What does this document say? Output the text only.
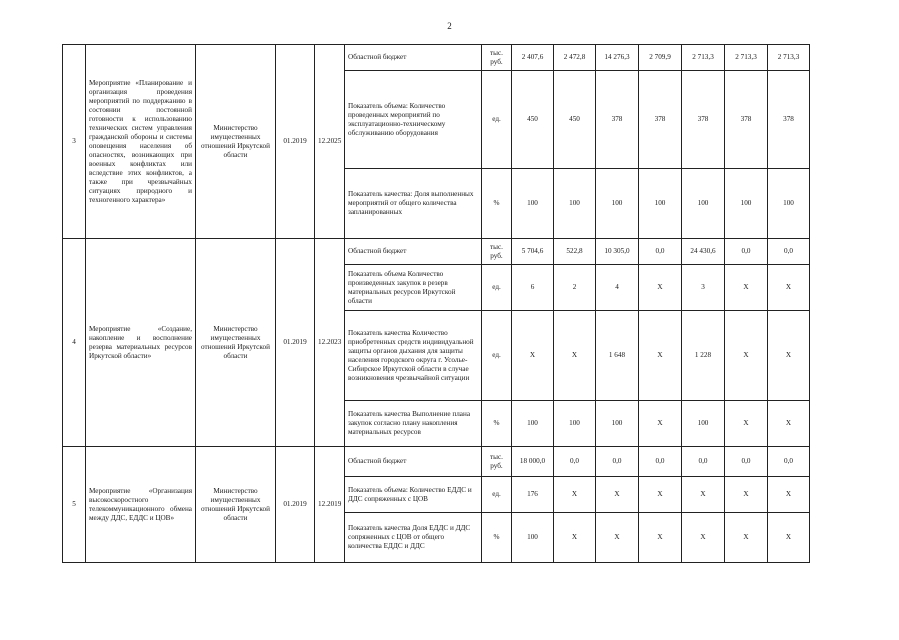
2
3	Мероприятие «Планирование и организация проведения мероприятий по поддержанию в состоянии постоянной готовности к использованию технических систем управления гражданской обороны и системы оповещения населения об опасностях, возникающих при военных конфликтах или вследствие этих конфликтов, а также при чрезвычайных ситуациях природного и техногенного характера»	Министерство имущественных отношений Иркутской области	01.2019	12.2025	Областной бюджет	тыс. руб.	2 407,6	2 472,8	14 276,3	2 709,9	2 713,3	2 713,3	2 713,3
					Показатель объема: Количество проведенных мероприятий по эксплуатационно-техническому обслуживанию оборудования	ед.	450	450	378	378	378	378	378
					Показатель качества: Доля выполненных мероприятий от общего количества запланированных	%	100	100	100	100	100	100	100
4	Мероприятие «Создание, накопление и восполнение резерва материальных ресурсов Иркутской области»	Министерство имущественных отношений Иркутской области	01.2019	12.2023	Областной бюджет	тыс. руб.	5 704,6	522,8	10 305,0	0,0	24 430,6	0,0	0,0
					Показатель объема Количество произведенных закупок в резерв материальных ресурсов Иркутской области	ед.	6	2	4	Х	3	Х	Х
					Показатель качества Количество приобретенных средств индивидуальной защиты органов дыхания для защиты населения городского округа г. Усолье-Сибирское Иркутской области в случае возникновения чрезвычайной ситуации	ед.	Х	Х	1 648	Х	1 228	Х	Х
					Показатель качества Выполнение плана закупок согласно плану накопления материальных ресурсов	%	100	100	100	Х	100	Х	Х
5	Мероприятие «Организация высокоскоростного телекоммуникационного обмена между ДДС, ЕДДС и ЦОВ»	Министерство имущественных отношений Иркутской области	01.2019	12.2019	Областной бюджет	тыс. руб.	18 000,0	0,0	0,0	0,0	0,0	0,0	0,0
					Показатель объема: Количество ЕДДС и ДДС сопряженных с ЦОВ	ед.	176	Х	Х	Х	Х	Х	Х
					Показатель качества Доля ЕДДС и ДДС сопряженных с ЦОВ от общего количества ЕДДС и ДДС	%	100	Х	Х	Х	Х	Х	Х
